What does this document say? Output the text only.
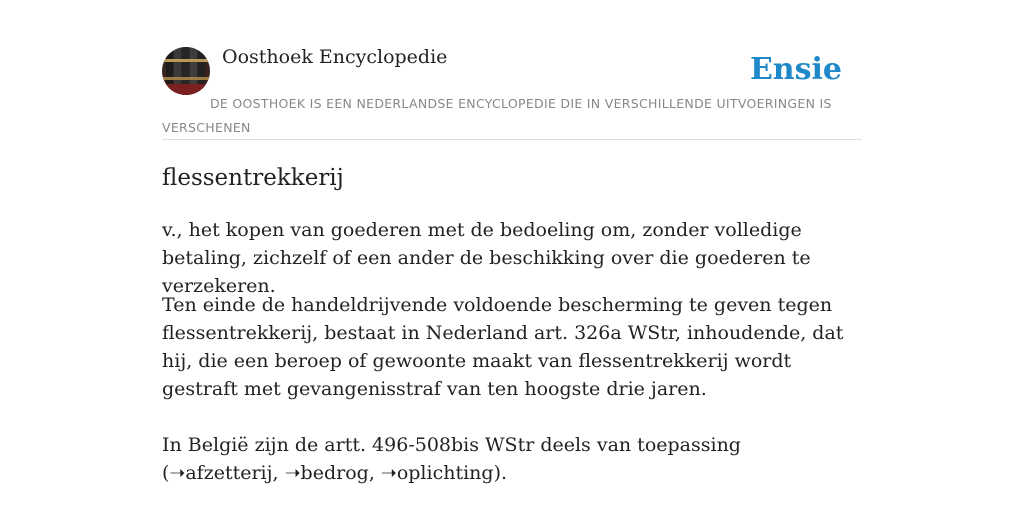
Oosthoek Encyclopedie	Ensie
DE OOSTHOEK IS EEN NEDERLANDSE ENCYCLOPEDIE DIE IN VERSCHILLENDE UITVOERINGEN IS VERSCHENEN
flessentrekkerij
v., het kopen van goederen met de bedoeling om, zonder volledige betaling, zichzelf of een ander de beschikking over die goederen te verzekeren.
Ten einde de handeldrijvende voldoende bescherming te geven tegen flessentrekkerij, bestaat in Nederland art. 326a WStr, inhoudende, dat hij, die een beroep of gewoonte maakt van flessentrekkerij wordt gestraft met gevangenisstraf van ten hoogste drie jaren.
In België zijn de artt. 496-508bis WStr deels van toepassing (➝afzetterij, ➝bedrog, ➝oplichting).
